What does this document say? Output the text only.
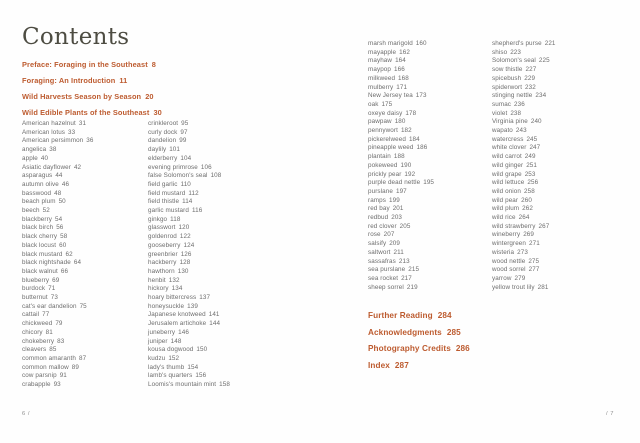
Contents
Preface: Foraging in the Southeast 8
Foraging: An Introduction 11
Wild Harvests Season by Season 20
Wild Edible Plants of the Southeast 30
American hazelnut 31
American lotus 33
American persimmon 36
angelica 38
apple 40
Asiatic dayflower 42
asparagus 44
autumn olive 46
basswood 48
beach plum 50
beech 52
blackberry 54
black birch 56
black cherry 58
black locust 60
black mustard 62
black nightshade 64
black walnut 66
blueberry 69
burdock 71
butternut 73
cat's ear dandelion 75
cattail 77
chickweed 79
chicory 81
chokeberry 83
cleavers 85
common amaranth 87
common mallow 89
cow parsnip 91
crabapple 93
crinkleroot 95
curly dock 97
dandelion 99
daylily 101
elderberry 104
evening primrose 106
false Solomon's seal 108
field garlic 110
field mustard 112
field thistle 114
garlic mustard 116
ginkgo 118
glasswort 120
goldenrod 122
gooseberry 124
greenbrier 126
hackberry 128
hawthorn 130
henbit 132
hickory 134
hoary bittercress 137
honeysuckle 139
Japanese knotweed 141
Jerusalem artichoke 144
juneberry 146
juniper 148
kousa dogwood 150
kudzu 152
lady's thumb 154
lamb's quarters 156
Loomis's mountain mint 158
6 /
marsh marigold 160
mayapple 162
mayhaw 164
maypop 166
milkweed 168
mulberry 171
New Jersey tea 173
oak 175
oxeye daisy 178
pawpaw 180
pennywort 182
pickerelweed 184
pineapple weed 186
plantain 188
pokeweed 190
prickly pear 192
purple dead nettle 195
purslane 197
ramps 199
red bay 201
redbud 203
red clover 205
rose 207
salsify 209
saltwort 211
sassafras 213
sea purslane 215
sea rocket 217
sheep sorrel 219
shepherd's purse 221
shiso 223
Solomon's seal 225
sow thistle 227
spicebush 229
spiderwort 232
stinging nettle 234
sumac 236
violet 238
Virginia pine 240
wapato 243
watercress 245
white clover 247
wild carrot 249
wild ginger 251
wild grape 253
wild lettuce 256
wild onion 258
wild pear 260
wild plum 262
wild rice 264
wild strawberry 267
wineberry 269
wintergreen 271
wisteria 273
wood nettle 275
wood sorrel 277
yarrow 279
yellow trout lily 281
Further Reading 284
Acknowledgments 285
Photography Credits 286
Index 287
/ 7
